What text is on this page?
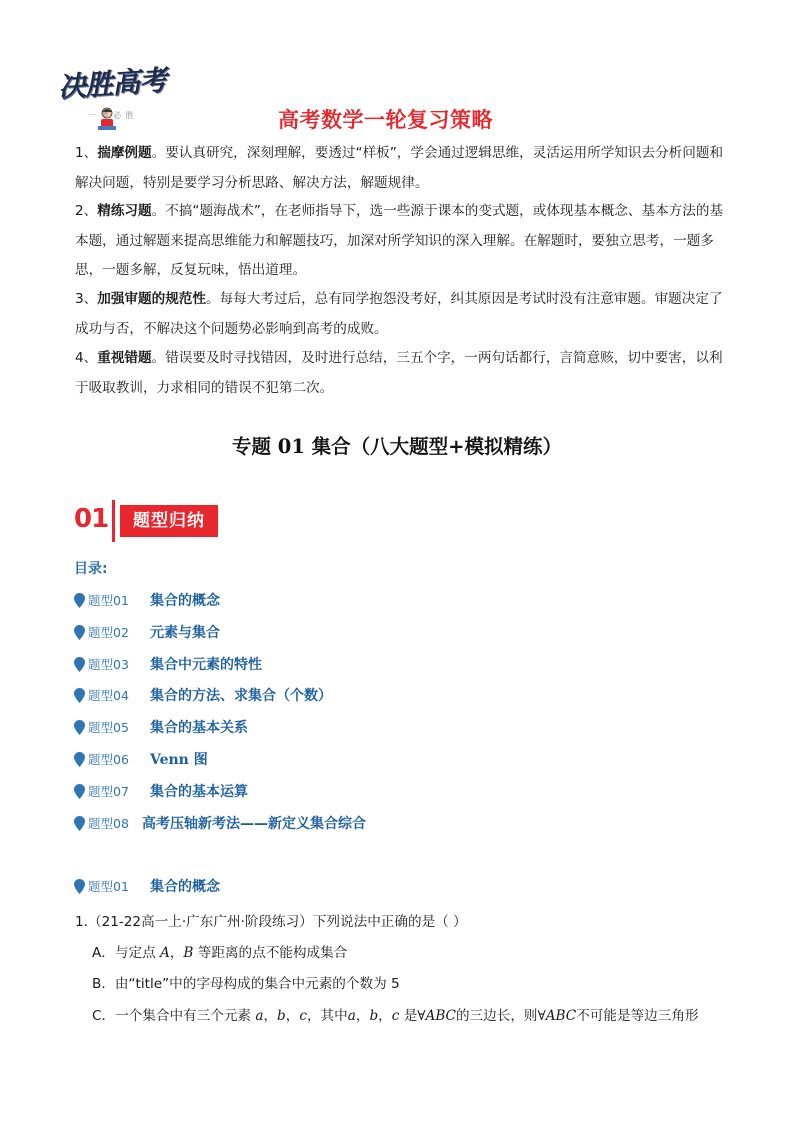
决胜高考
一 考 必 胜	高考数学一轮复习策略
1、揣摩例题。要认真研究，深刻理解，要透过“样板”，学会通过逻辑思维，灵活运用所学知识去分析问题和解决问题，特别是要学习分析思路、解决方法，解题规律。
2、精练习题。不搞“题海战术”，在老师指导下，选一些源于课本的变式题，或体现基本概念、基本方法的基本题，通过解题来提高思维能力和解题技巧，加深对所学知识的深入理解。在解题时，要独立思考，一题多思，一题多解，反复玩味，悟出道理。
3、加强审题的规范性。每每大考过后，总有同学抱怨没考好，纠其原因是考试时没有注意审题。审题决定了成功与否，不解决这个问题势必影响到高考的成败。
4、重视错题。错误要及时寻找错因，及时进行总结，三五个字，一两句话都行，言简意赅，切中要害，以利于吸取教训，力求相同的错误不犯第二次。
专题 01 集合（八大题型+模拟精练）
01	题型归纳
目录:
题型01	集合的概念
题型02	元素与集合
题型03	集合中元素的特性
题型04	集合的方法、求集合（个数）
题型05	集合的基本关系
题型06	Venn 图
题型07	集合的基本运算
题型08 高考压轴新考法——新定义集合综合
题型01	集合的概念
1.（21-22高一上·广东广州·阶段练习）下列说法中正确的是（ ）
A．与定点 A，B 等距离的点不能构成集合
B．由“title”中的字母构成的集合中元素的个数为 5
C．一个集合中有三个元素 a，b，c，其中a，b，c 是∀ABC的三边长，则∀ABC不可能是等边三角形
